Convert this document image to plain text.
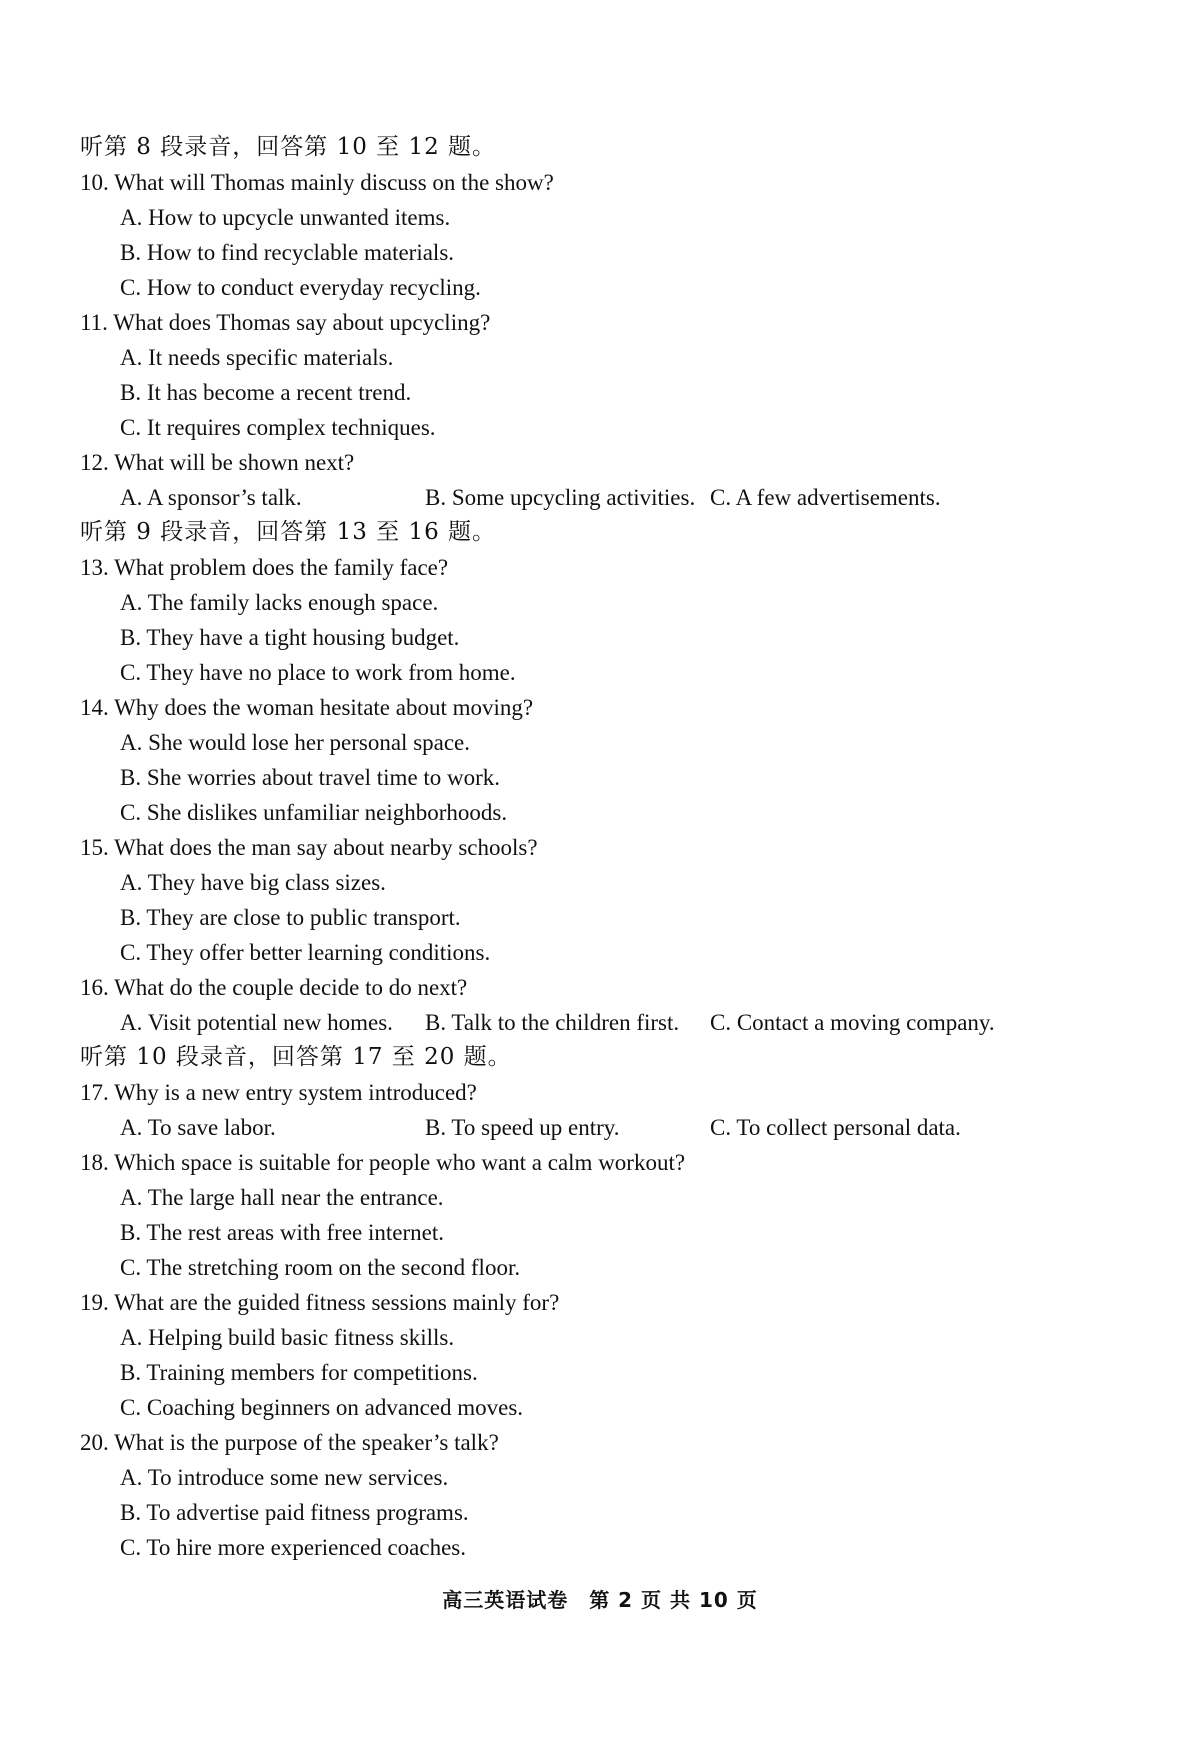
听第 8 段录音，回答第 10 至 12 题。
10. What will Thomas mainly discuss on the show?
A. How to upcycle unwanted items.
B. How to find recyclable materials.
C. How to conduct everyday recycling.
11. What does Thomas say about upcycling?
A. It needs specific materials.
B. It has become a recent trend.
C. It requires complex techniques.
12. What will be shown next?
A. A sponsor’s talk.	B. Some upcycling activities. C. A few advertisements.
听第 9 段录音，回答第 13 至 16 题。
13. What problem does the family face?
A. The family lacks enough space.
B. They have a tight housing budget.
C. They have no place to work from home.
14. Why does the woman hesitate about moving?
A. She would lose her personal space.
B. She worries about travel time to work.
C. She dislikes unfamiliar neighborhoods.
15. What does the man say about nearby schools?
A. They have big class sizes.
B. They are close to public transport.
C. They offer better learning conditions.
16. What do the couple decide to do next?
A. Visit potential new homes. B. Talk to the children first. C. Contact a moving company.
听第 10 段录音，回答第 17 至 20 题。
17. Why is a new entry system introduced?
A. To save labor.	B. To speed up entry.	C. To collect personal data.
18. Which space is suitable for people who want a calm workout?
A. The large hall near the entrance.
B. The rest areas with free internet.
C. The stretching room on the second floor.
19. What are the guided fitness sessions mainly for?
A. Helping build basic fitness skills.
B. Training members for competitions.
C. Coaching beginners on advanced moves.
20. What is the purpose of the speaker’s talk?
A. To introduce some new services.
B. To advertise paid fitness programs.
C. To hire more experienced coaches.
高三英语试卷　第 2 页 共 10 页
